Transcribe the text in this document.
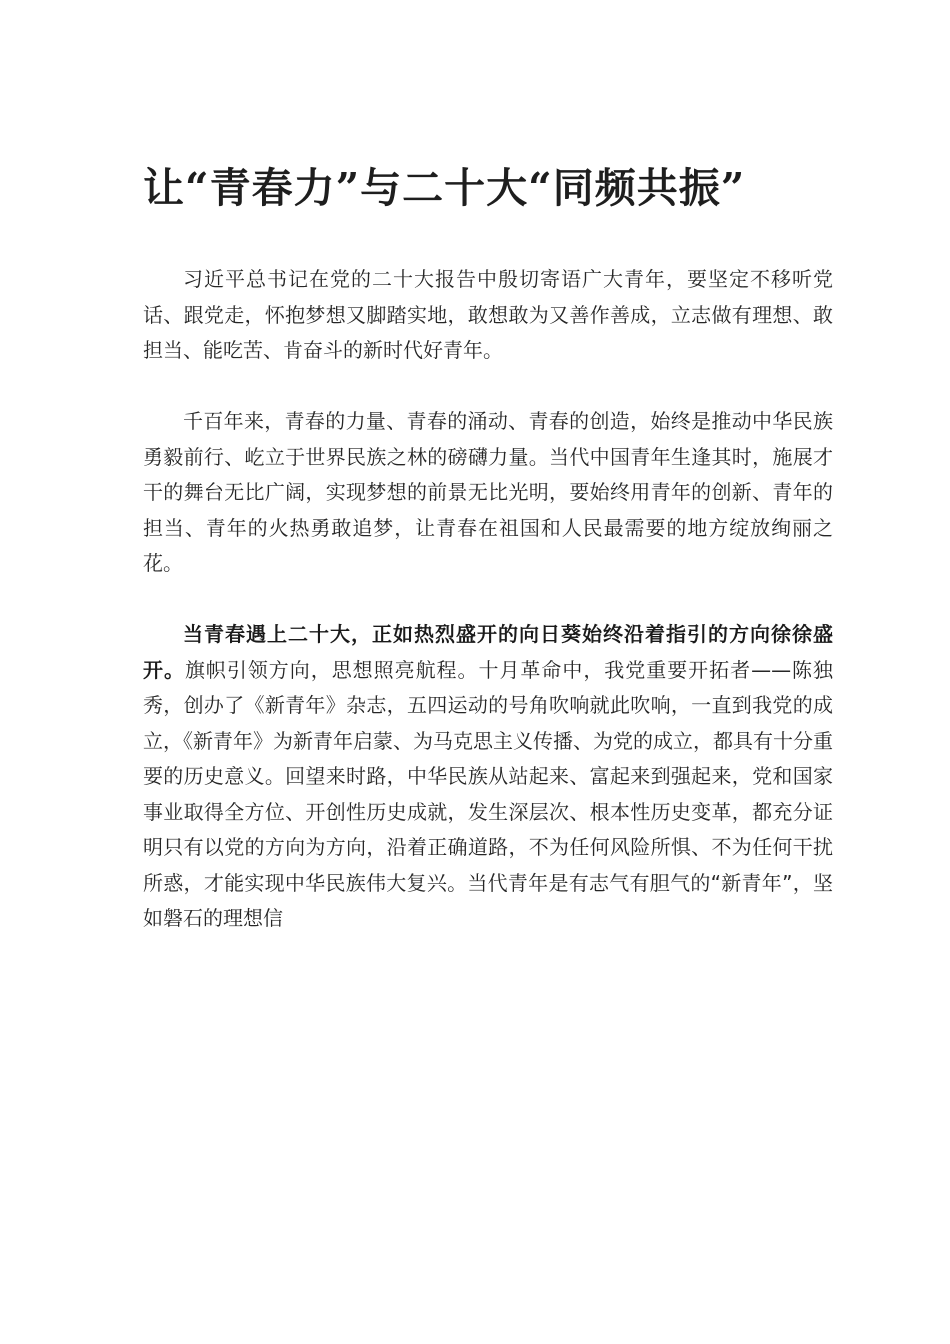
让“青春力”与二十大“同频共振”

习近平总书记在党的二十大报告中殷切寄语广大青年，要坚定不移听党话、跟党走，怀抱梦想又脚踏实地，敢想敢为又善作善成，立志做有理想、敢担当、能吃苦、肯奋斗的新时代好青年。

千百年来，青春的力量、青春的涌动、青春的创造，始终是推动中华民族勇毅前行、屹立于世界民族之林的磅礴力量。当代中国青年生逢其时，施展才干的舞台无比广阔，实现梦想的前景无比光明，要始终用青年的创新、青年的担当、青年的火热勇敢追梦，让青春在祖国和人民最需要的地方绽放绚丽之花。

当青春遇上二十大，正如热烈盛开的向日葵始终沿着指引的方向徐徐盛开。旗帜引领方向，思想照亮航程。十月革命中，我党重要开拓者——陈独秀，创办了《新青年》杂志，五四运动的号角吹响就此吹响，一直到我党的成立，《新青年》为新青年启蒙、为马克思主义传播、为党的成立，都具有十分重要的历史意义。回望来时路，中华民族从站起来、富起来到强起来，党和国家事业取得全方位、开创性历史成就，发生深层次、根本性历史变革，都充分证明只有以党的方向为方向，沿着正确道路，不为任何风险所惧、不为任何干扰所惑，才能实现中华民族伟大复兴。当代青年是有志气有胆气的“新青年”，坚如磐石的理想信
